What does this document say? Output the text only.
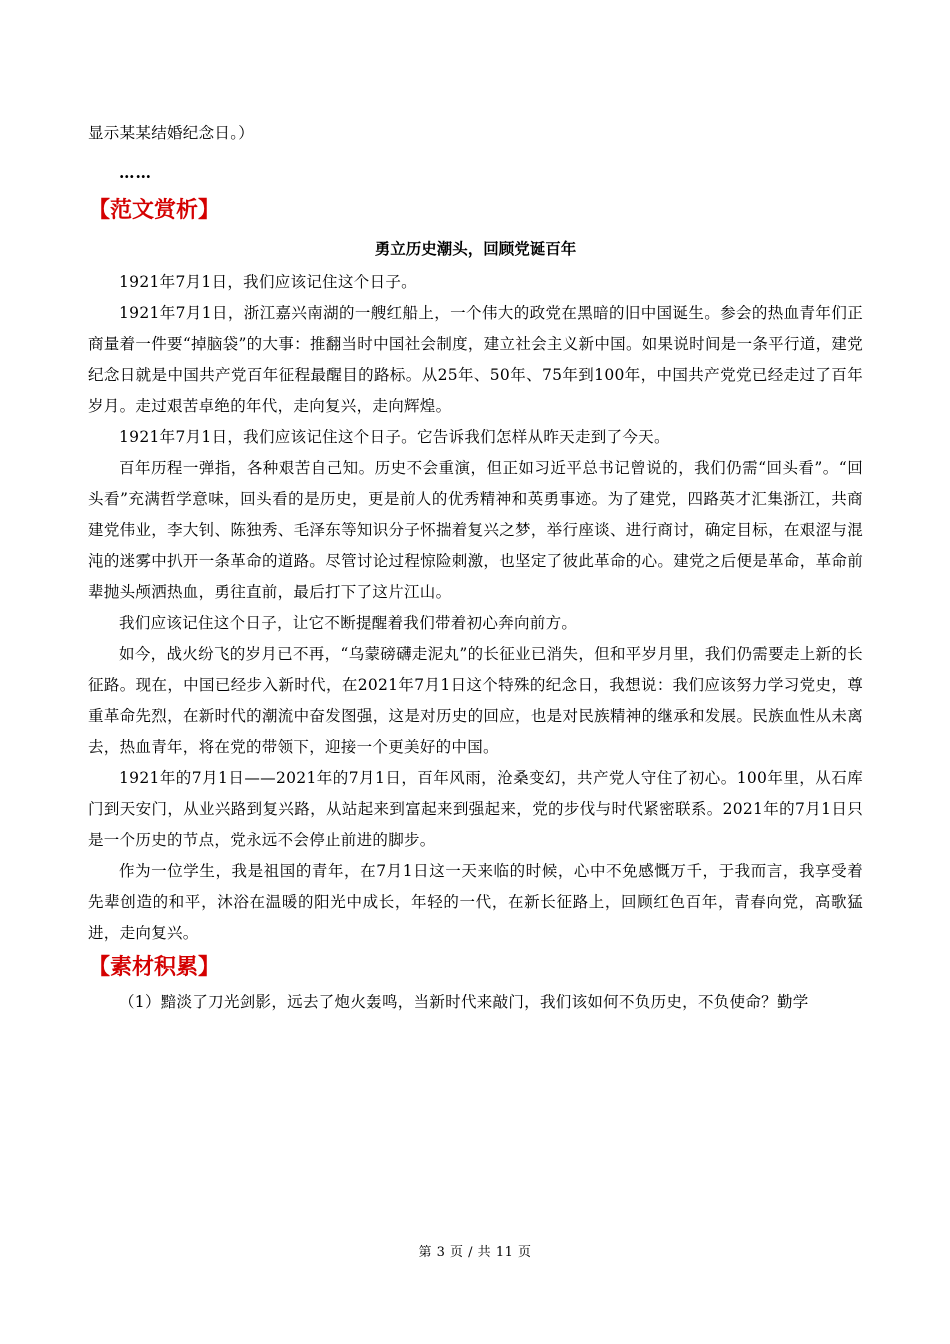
显示某某结婚纪念日。）

……

【范文赏析】
勇立历史潮头，回顾党诞百年

1921年7月1日，我们应该记住这个日子。

1921年7月1日，浙江嘉兴南湖的一艘红船上，一个伟大的政党在黑暗的旧中国诞生。参会的热血青年们正商量着一件要“掉脑袋”的大事：推翻当时中国社会制度，建立社会主义新中国。如果说时间是一条平行道，建党纪念日就是中国共产党百年征程最醒目的路标。从25年、50年、75年到100年，中国共产党党已经走过了百年岁月。走过艰苦卓绝的年代，走向复兴，走向辉煌。

1921年7月1日，我们应该记住这个日子。它告诉我们怎样从昨天走到了今天。

百年历程一弹指，各种艰苦自己知。历史不会重演，但正如习近平总书记曾说的，我们仍需“回头看”。“回头看”充满哲学意味，回头看的是历史，更是前人的优秀精神和英勇事迹。为了建党，四路英才汇集浙江，共商建党伟业，李大钊、陈独秀、毛泽东等知识分子怀揣着复兴之梦，举行座谈、进行商讨，确定目标，在艰涩与混沌的迷雾中扒开一条革命的道路。尽管讨论过程惊险刺激，也坚定了彼此革命的心。建党之后便是革命，革命前辈抛头颅洒热血，勇往直前，最后打下了这片江山。

我们应该记住这个日子，让它不断提醒着我们带着初心奔向前方。

如今，战火纷飞的岁月已不再，“乌蒙磅礴走泥丸”的长征业已消失，但和平岁月里，我们仍需要走上新的长征路。现在，中国已经步入新时代，在2021年7月1日这个特殊的纪念日，我想说：我们应该努力学习党史，尊重革命先烈，在新时代的潮流中奋发图强，这是对历史的回应，也是对民族精神的继承和发展。民族血性从未离去，热血青年，将在党的带领下，迎接一个更美好的中国。

1921年的7月1日——2021年的7月1日，百年风雨，沧桑变幻，共产党人守住了初心。100年里，从石库门到天安门，从业兴路到复兴路，从站起来到富起来到强起来，党的步伐与时代紧密联系。2021年的7月1日只是一个历史的节点，党永远不会停止前进的脚步。

作为一位学生，我是祖国的青年，在7月1日这一天来临的时候，心中不免感慨万千，于我而言，我享受着先辈创造的和平，沐浴在温暖的阳光中成长，年轻的一代，在新长征路上，回顾红色百年，青春向党，高歌猛进，走向复兴。

【素材积累】

（1）黯淡了刀光剑影，远去了炮火轰鸣，当新时代来敲门，我们该如何不负历史，不负使命？勤学

第 3 页 / 共 11 页
